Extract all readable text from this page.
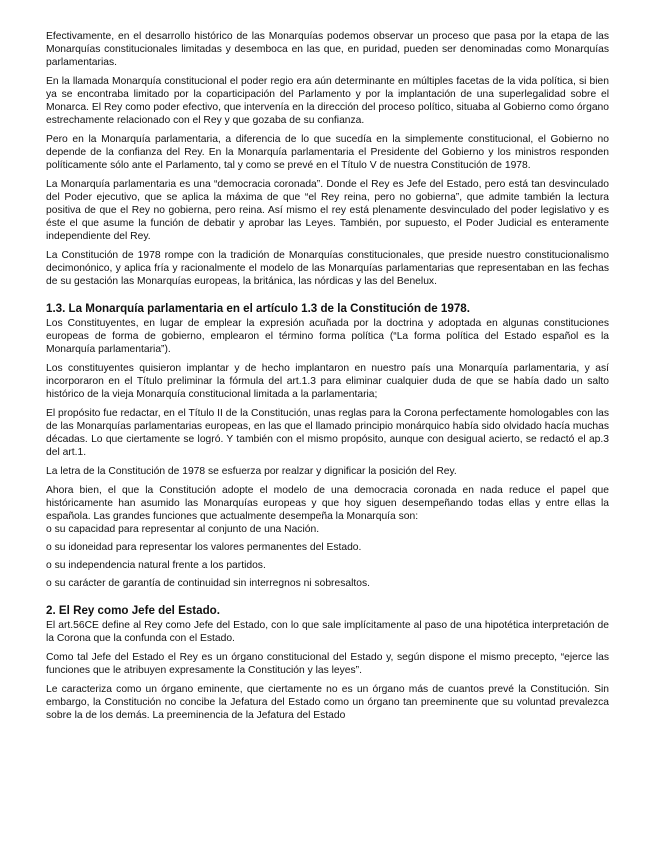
Efectivamente, en el desarrollo histórico de las Monarquías podemos observar un proceso que pasa por la etapa de las Monarquías constitucionales limitadas y desemboca en las que, en puridad, pueden ser denominadas como Monarquías parlamentarias.

En la llamada Monarquía constitucional el poder regio era aún determinante en múltiples facetas de la vida política, si bien ya se encontraba limitado por la coparticipación del Parlamento y por la implantación de una superlegalidad sobre el Monarca. El Rey como poder efectivo, que intervenía en la dirección del proceso político, situaba al Gobierno como órgano estrechamente relacionado con el Rey y que gozaba de su confianza.

Pero en la Monarquía parlamentaria, a diferencia de lo que sucedía en la simplemente constitucional, el Gobierno no depende de la confianza del Rey. En la Monarquía parlamentaria el Presidente del Gobierno y los ministros responden políticamente sólo ante el Parlamento, tal y como se prevé en el Título V de nuestra Constitución de 1978.

La Monarquía parlamentaria es una “democracia coronada”. Donde el Rey es Jefe del Estado, pero está tan desvinculado del Poder ejecutivo, que se aplica la máxima de que “el Rey reina, pero no gobierna”, que admite también la lectura positiva de que el Rey no gobierna, pero reina. Así mismo el rey está plenamente desvinculado del poder legislativo y es éste el que asume la función de debatir y aprobar las Leyes. También, por supuesto, el Poder Judicial es enteramente independiente del Rey.

La Constitución de 1978 rompe con la tradición de Monarquías constitucionales, que preside nuestro constitucionalismo decimonónico, y aplica fría y racionalmente el modelo de las Monarquías parlamentarias que representaban en las fechas de su gestación las Monarquías europeas, la británica, las nórdicas y las del Benelux.

1.3. La Monarquía parlamentaria en el artículo 1.3 de la Constitución de 1978.

Los Constituyentes, en lugar de emplear la expresión acuñada por la doctrina y adoptada en algunas constituciones europeas de forma de gobierno, emplearon el término forma política (“La forma política del Estado español es la Monarquía parlamentaria”).

Los constituyentes quisieron implantar y de hecho implantaron en nuestro país una Monarquía parlamentaria, y así incorporaron en el Título preliminar la fórmula del art.1.3 para eliminar cualquier duda de que se había dado un salto histórico de la vieja Monarquía constitucional limitada a la parlamentaria;

El propósito fue redactar, en el Título II de la Constitución, unas reglas para la Corona perfectamente homologables con las de las Monarquías parlamentarias europeas, en las que el llamado principio monárquico había sido olvidado hacía muchas décadas. Lo que ciertamente se logró. Y también con el mismo propósito, aunque con desigual acierto, se redactó el ap.3 del art.1.

La letra de la Constitución de 1978 se esfuerza por realzar y dignificar la posición del Rey.

Ahora bien, el que la Constitución adopte el modelo de una democracia coronada en nada reduce el papel que históricamente han asumido las Monarquías europeas y que hoy siguen desempeñando todas ellas y entre ellas la española. Las grandes funciones que actualmente desempeña la Monarquía son:

o su capacidad para representar al conjunto de una Nación.

o su idoneidad para representar los valores permanentes del Estado.

o su independencia natural frente a los partidos.

o su carácter de garantía de continuidad sin interregnos ni sobresaltos.

2. El Rey como Jefe del Estado.

El art.56CE define al Rey como Jefe del Estado, con lo que sale implícitamente al paso de una hipotética interpretación de la Corona que la confunda con el Estado.

Como tal Jefe del Estado el Rey es un órgano constitucional del Estado y, según dispone el mismo precepto, “ejerce las funciones que le atribuyen expresamente la Constitución y las leyes”.

Le caracteriza como un órgano eminente, que ciertamente no es un órgano más de cuantos prevé la Constitución. Sin embargo, la Constitución no concibe la Jefatura del Estado como un órgano tan preeminente que su voluntad prevalezca sobre la de los demás. La preeminencia de la Jefatura del Estado
